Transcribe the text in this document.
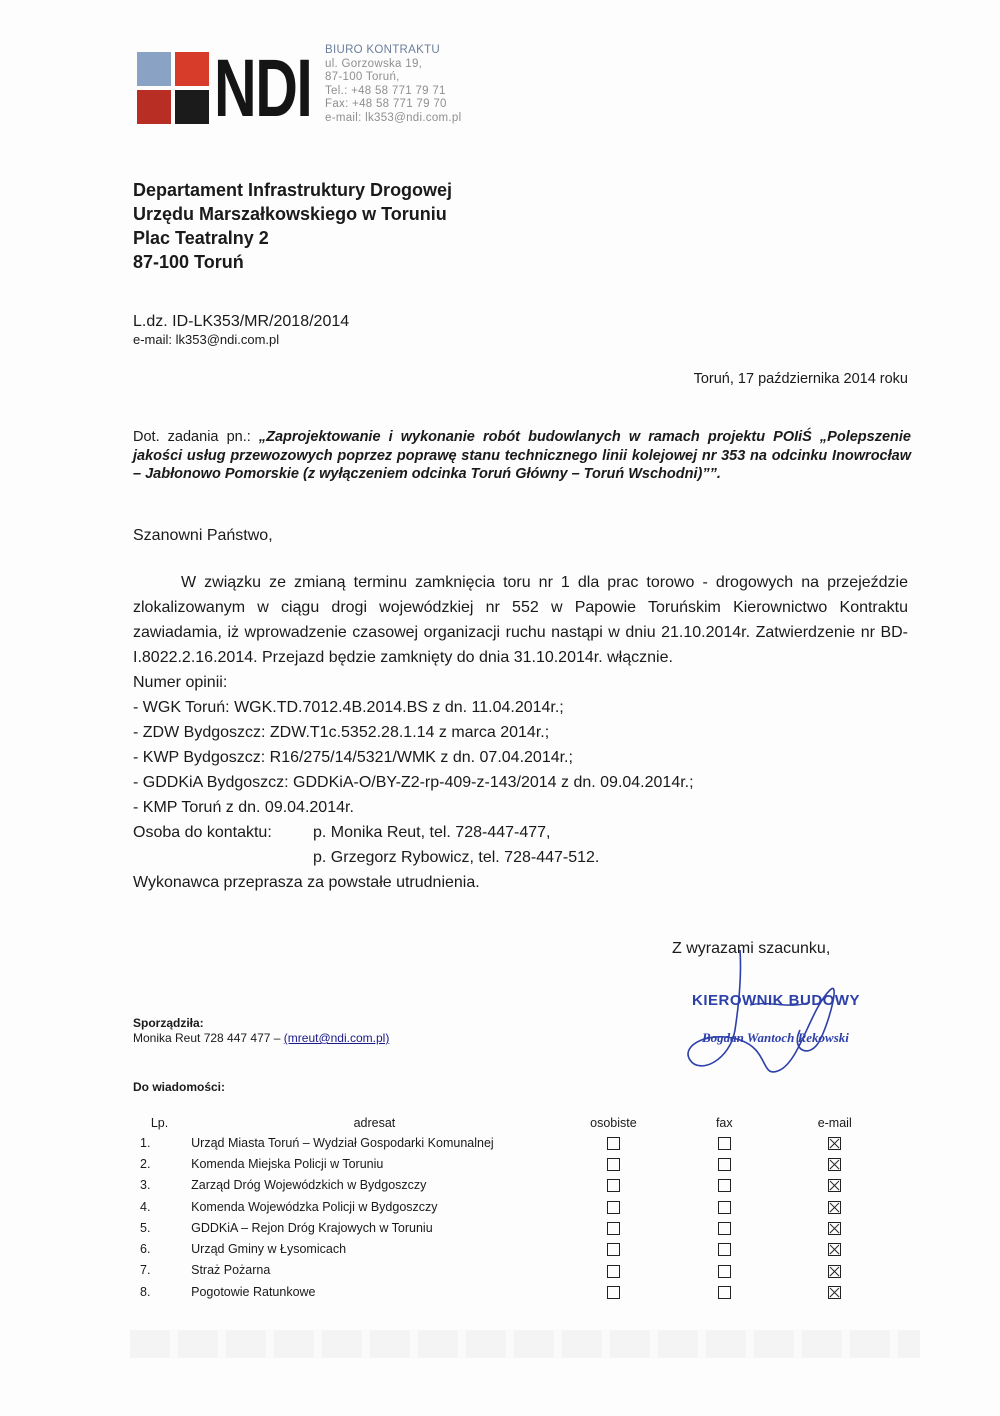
NDI BIURO KONTRAKTU
ul. Gorzowska 19,
87-100 Toruń,
Tel.: +48 58 771 79 71
Fax: +48 58 771 79 70
e-mail: lk353@ndi.com.pl
Departament Infrastruktury Drogowej
Urzędu Marszałkowskiego w Toruniu
Plac Teatralny 2
87-100 Toruń
L.dz. ID-LK353/MR/2018/2014
e-mail: lk353@ndi.com.pl
Toruń, 17 października 2014 roku
Dot. zadania pn.: „Zaprojektowanie i wykonanie robót budowlanych w ramach projektu POIiŚ „Polepszenie jakości usług przewozowych poprzez poprawę stanu technicznego linii kolejowej nr 353 na odcinku Inowrocław – Jabłonowo Pomorskie (z wyłączeniem odcinka Toruń Główny – Toruń Wschodni)””.
Szanowni Państwo,

W związku ze zmianą terminu zamknięcia toru nr 1 dla prac torowo - drogowych na przejeździe zlokalizowanym w ciągu drogi wojewódzkiej nr 552 w Papowie Toruńskim Kierownictwo Kontraktu zawiadamia, iż wprowadzenie czasowej organizacji ruchu nastąpi w dniu 21.10.2014r. Zatwierdzenie nr BD-I.8022.2.16.2014. Przejazd będzie zamknięty do dnia 31.10.2014r. włącznie.

Numer opinii:

- WGK Toruń: WGK.TD.7012.4B.2014.BS z dn. 11.04.2014r.;

- ZDW Bydgoszcz: ZDW.T1c.5352.28.1.14 z marca 2014r.;

- KWP Bydgoszcz: R16/275/14/5321/WMK z dn. 07.04.2014r.;

- GDDKiA Bydgoszcz: GDDKiA-O/BY-Z2-rp-409-z-143/2014 z dn. 09.04.2014r.;

- KMP Toruń z dn. 09.04.2014r.

Osoba do kontaktu:	p. Monika Reut, tel. 728-447-477,

p. Grzegorz Rybowicz, tel. 728-447-512.

Wykonawca przeprasza za powstałe utrudnienia.

Z wyrazami szacunku,
KIEROWNIK BUDOWY
Bogdan Wantoch Rekowski
Sporządziła:
Monika Reut 728 447 477 – (mreut@ndi.com.pl)
Do wiadomości:
Lp.	adresat	osobiste	fax	e-mail
1.	Urząd Miasta Toruń – Wydział Gospodarki Komunalnej			
2.	Komenda Miejska Policji w Toruniu			
3.	Zarząd Dróg Wojewódzkich w Bydgoszczy			
4.	Komenda Wojewódzka Policji w Bydgoszczy			
5.	GDDKiA – Rejon Dróg Krajowych w Toruniu			
6.	Urząd Gminy w Łysomicach			
7.	Straż Pożarna			
8.	Pogotowie Ratunkowe			
